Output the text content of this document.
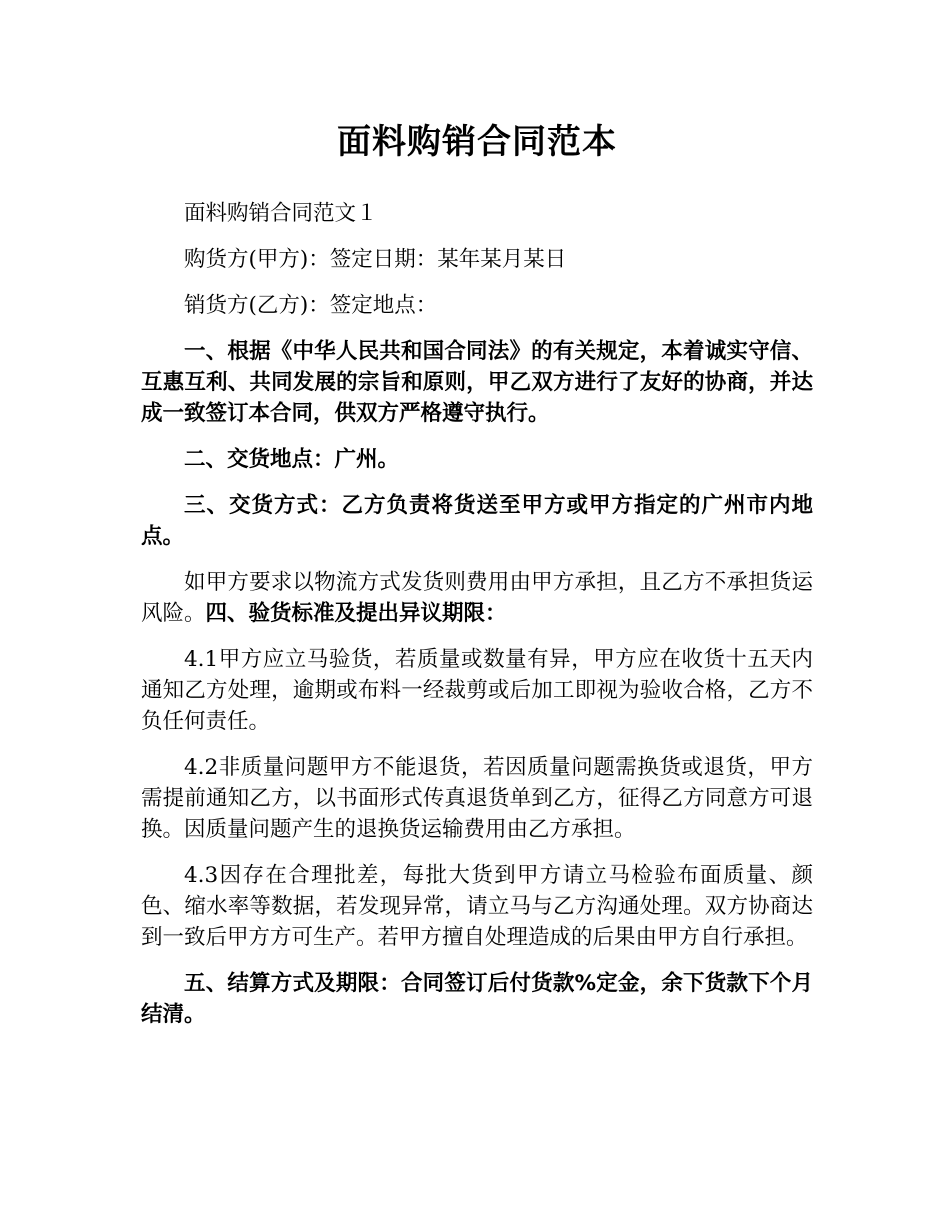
面料购销合同范本

面料购销合同范文１

购货方(甲方)：签定日期：某年某月某日

销货方(乙方)：签定地点：

一、根据《中华人民共和国合同法》的有关规定，本着诚实守信、互惠互利、共同发展的宗旨和原则，甲乙双方进行了友好的协商，并达成一致签订本合同，供双方严格遵守执行。

二、交货地点：广州。

三、交货方式：乙方负责将货送至甲方或甲方指定的广州市内地点。

如甲方要求以物流方式发货则费用由甲方承担，且乙方不承担货运风险。四、验货标准及提出异议期限：

4.1甲方应立马验货，若质量或数量有异，甲方应在收货十五天内通知乙方处理，逾期或布料一经裁剪或后加工即视为验收合格，乙方不负任何责任。

4.2非质量问题甲方不能退货，若因质量问题需换货或退货，甲方需提前通知乙方，以书面形式传真退货单到乙方，征得乙方同意方可退换。因质量问题产生的退换货运输费用由乙方承担。

4.3因存在合理批差，每批大货到甲方请立马检验布面质量、颜色、缩水率等数据，若发现异常，请立马与乙方沟通处理。双方协商达到一致后甲方方可生产。若甲方擅自处理造成的后果由甲方自行承担。

五、结算方式及期限：合同签订后付货款%定金，余下货款下个月结清。
